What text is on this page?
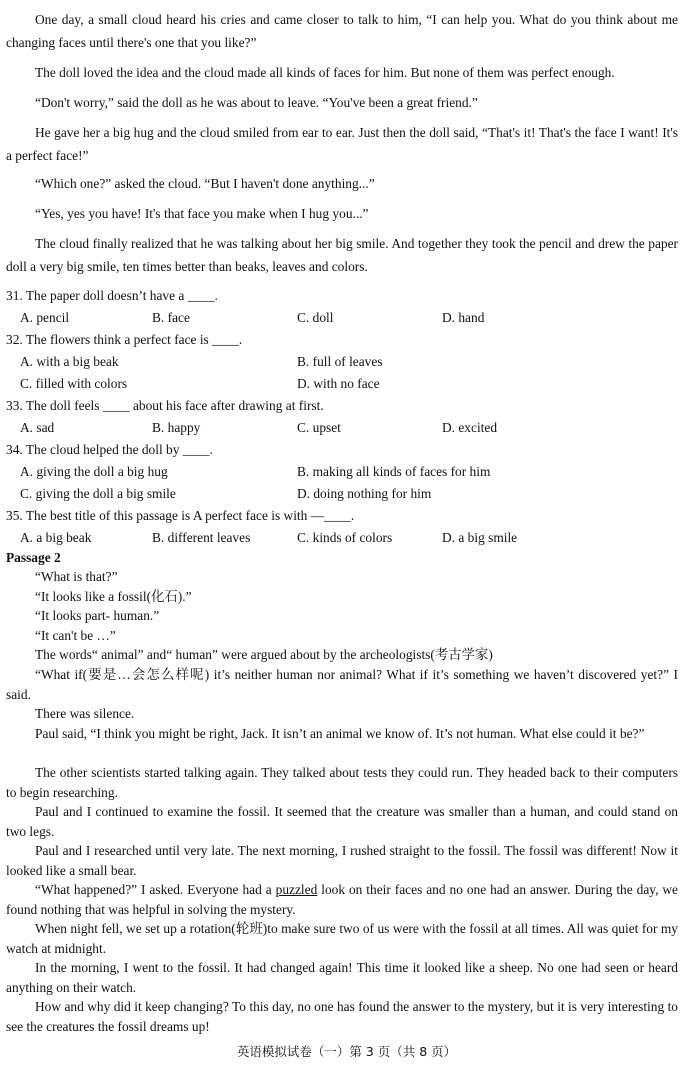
One day, a small cloud heard his cries and came closer to talk to him, “I can help you. What do you think about me changing faces until there's one that you like?”

The doll loved the idea and the cloud made all kinds of faces for him. But none of them was perfect enough.

“Don't worry,” said the doll as he was about to leave. “You've been a great friend.”

He gave her a big hug and the cloud smiled from ear to ear. Just then the doll said, “That's it! That's the face I want! It's a perfect face!”

“Which one?” asked the cloud. “But I haven't done anything...”

“Yes, yes you have! It's that face you make when I hug you...”

The cloud finally realized that he was talking about her big smile. And together they took the pencil and drew the paper doll a very big smile, ten times better than beaks, leaves and colors.

31. The paper doll doesn’t have a ____.
A. pencil	B. face	C. doll	D. hand
32. The flowers think a perfect face is ____.
A. with a big beak	B. full of leaves
C. filled with colors	D. with no face
33. The doll feels ____ about his face after drawing at first.
A. sad	B. happy	C. upset	D. excited
34. The cloud helped the doll by ____.
A. giving the doll a big hug	B. making all kinds of faces for him
C. giving the doll a big smile	D. doing nothing for him
35. The best title of this passage is A perfect face is with —____.
A. a big beak	B. different leaves	C. kinds of colors	D. a big smile
Passage 2
“What is that?”
“It looks like a fossil(化石).”
“It looks part- human.”
“It can't be …”
The words“ animal” and“ human” were argued about by the archeologists(考古学家)

“What if(要是…会怎么样呢) it’s neither human nor animal? What if it’s something we haven’t discovered yet?” I said.

There was silence.

Paul said, “I think you might be right, Jack. It isn’t an animal we know of. It’s not human. What else could it be?”

The other scientists started talking again. They talked about tests they could run. They headed back to their computers to begin researching.

Paul and I continued to examine the fossil. It seemed that the creature was smaller than a human, and could stand on two legs.

Paul and I researched until very late. The next morning, I rushed straight to the fossil. The fossil was different! Now it looked like a small bear.

“What happened?” I asked. Everyone had a puzzled look on their faces and no one had an answer. During the day, we found nothing that was helpful in solving the mystery.

When night fell, we set up a rotation(轮班)to make sure two of us were with the fossil at all times. All was quiet for my watch at midnight.

In the morning, I went to the fossil. It had changed again! This time it looked like a sheep. No one had seen or heard anything on their watch.

How and why did it keep changing? To this day, no one has found the answer to the mystery, but it is very interesting to see the creatures the fossil dreams up!

英语模拟试卷（一）第 3 页（共 8 页）
